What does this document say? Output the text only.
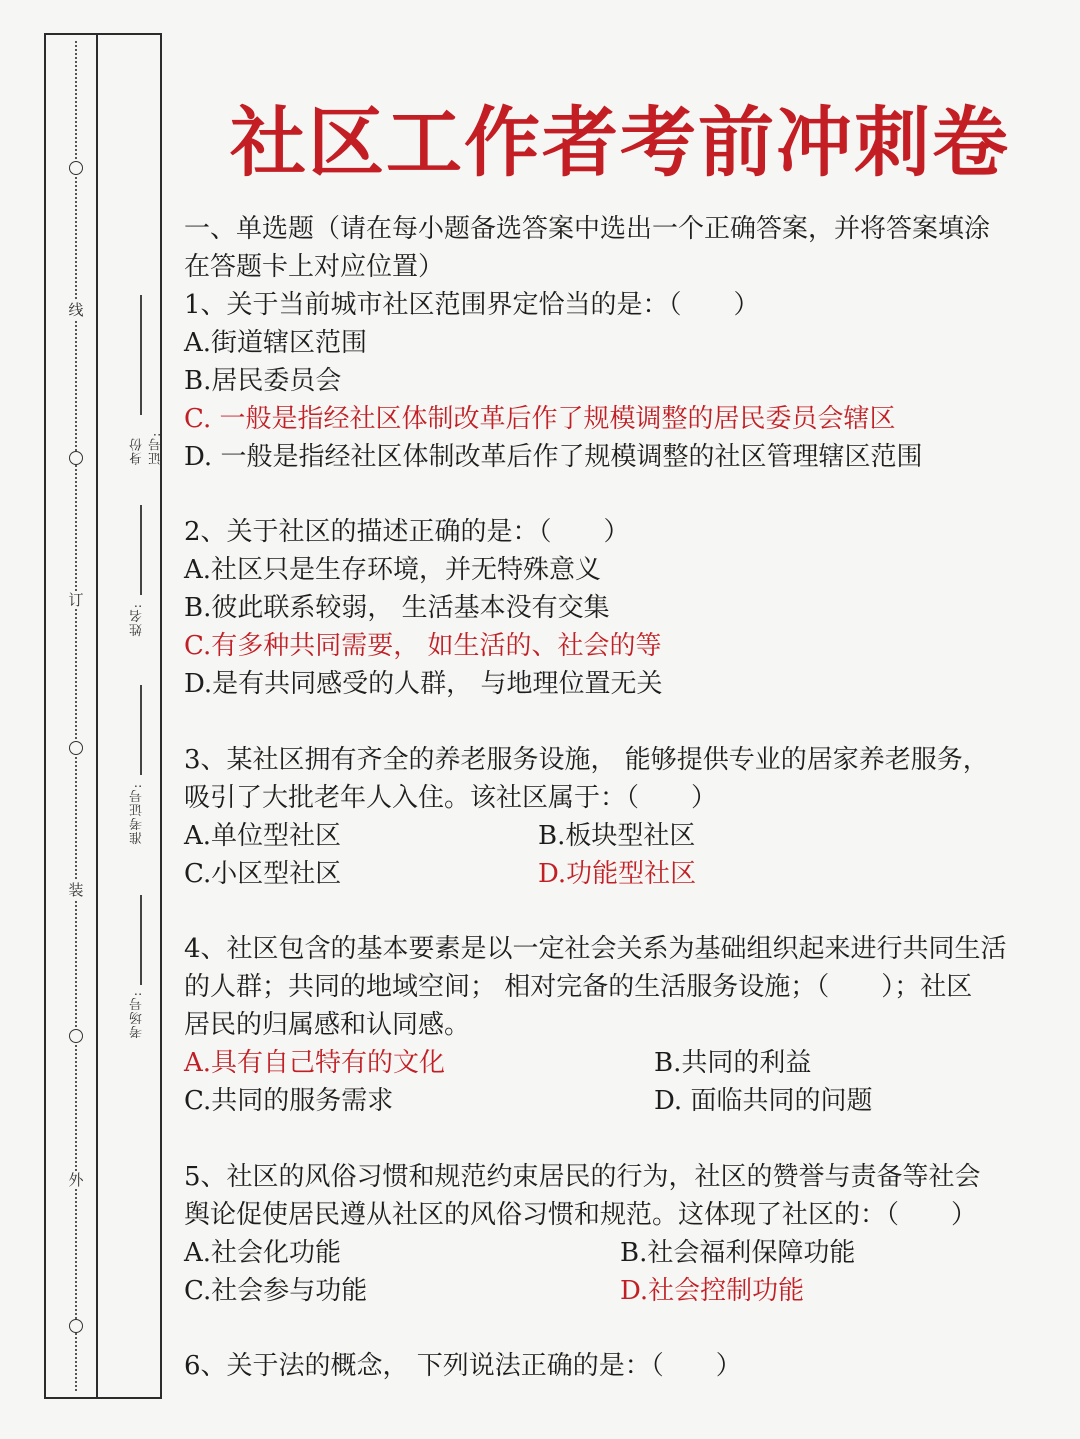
线
订
装
外
身份证号:
姓名:
准考证号:
考场号:
社区工作者考前冲刺卷
一、单选题（请在每小题备选答案中选出一个正确答案，并将答案填涂
在答题卡上对应位置）
1、关于当前城市社区范围界定恰当的是：（　　）
A.街道辖区范围
B.居民委员会
C. 一般是指经社区体制改革后作了规模调整的居民委员会辖区
D. 一般是指经社区体制改革后作了规模调整的社区管理辖区范围
2、关于社区的描述正确的是：（　　）
A.社区只是生存环境，并无特殊意义
B.彼此联系较弱， 生活基本没有交集
C.有多种共同需要， 如生活的、社会的等
D.是有共同感受的人群， 与地理位置无关
3、某社区拥有齐全的养老服务设施， 能够提供专业的居家养老服务，
吸引了大批老年人入住。该社区属于：（　　）
A.单位型社区	B.板块型社区
C.小区型社区	D.功能型社区
4、社区包含的基本要素是以一定社会关系为基础组织起来进行共同生活
的人群；共同的地域空间； 相对完备的生活服务设施；（　　）；社区
居民的归属感和认同感。
A.具有自己特有的文化	B.共同的利益
C.共同的服务需求	D. 面临共同的问题
5、社区的风俗习惯和规范约束居民的行为，社区的赞誉与责备等社会
舆论促使居民遵从社区的风俗习惯和规范。这体现了社区的：（　　）
A.社会化功能	B.社会福利保障功能
C.社会参与功能	D.社会控制功能
6、关于法的概念， 下列说法正确的是：（　　）
